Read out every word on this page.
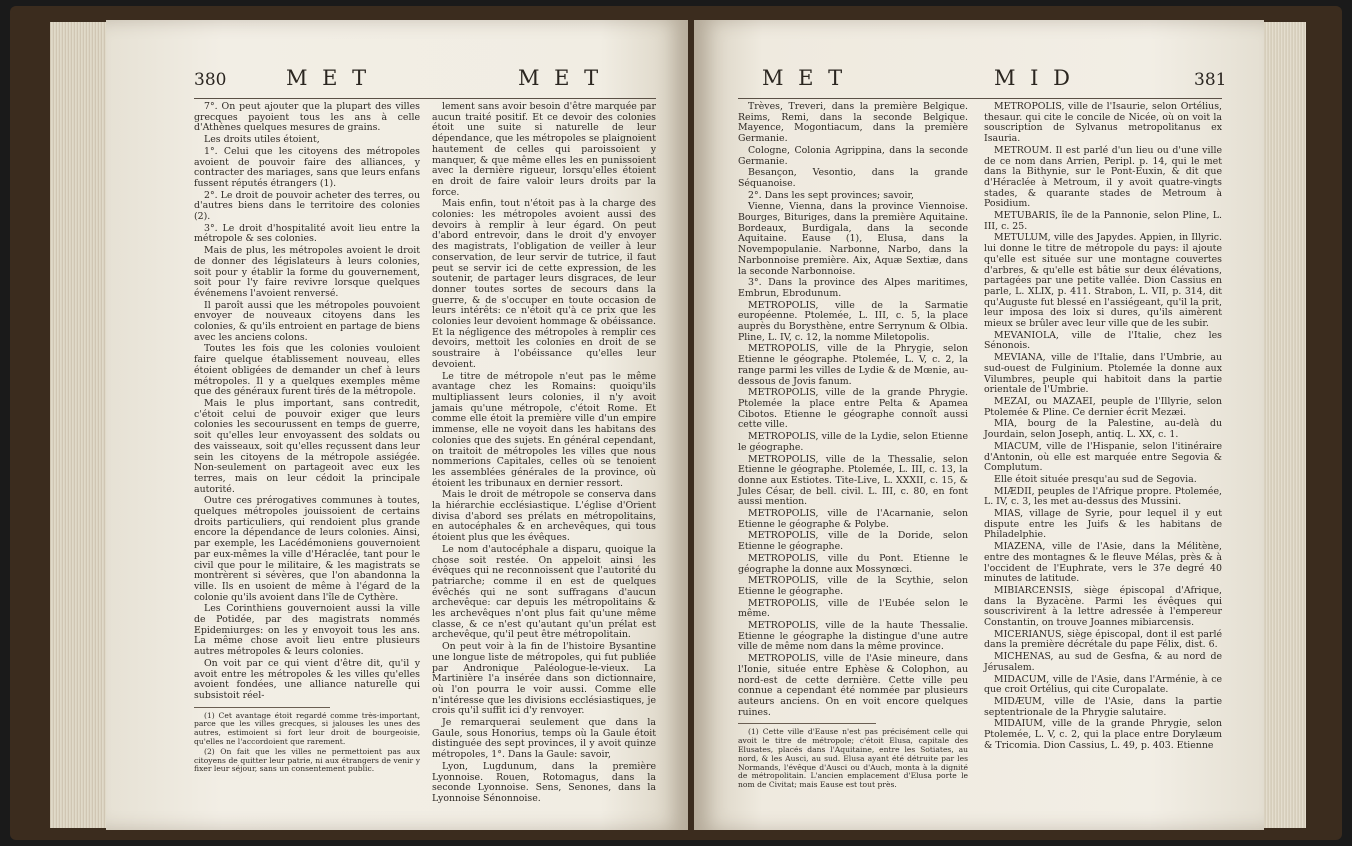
380	M E T	M E T

7°. On peut ajouter que la plupart des villes grecques payoient tous les ans à celle d'Athènes quelques mesures de grains.

Les droits utiles étoient,

1°. Celui que les citoyens des métropoles avoient de pouvoir faire des alliances, y contracter des mariages, sans que leurs enfans fussent réputés étrangers (1).

2°. Le droit de pouvoir acheter des terres, ou d'autres biens dans le territoire des colonies (2).

3°. Le droit d'hospitalité avoit lieu entre la métropole & ses colonies.

Mais de plus, les métropoles avoient le droit de donner des législateurs à leurs colonies, soit pour y établir la forme du gouvernement, soit pour l'y faire revivre lorsque quelques événemens l'avoient renversé.

Il paroît aussi que les métropoles pouvoient envoyer de nouveaux citoyens dans les colonies, & qu'ils entroient en partage de biens avec les anciens colons.

Toutes les fois que les colonies vouloient faire quelque établissement nouveau, elles étoient obligées de demander un chef à leurs métropoles. Il y a quelques exemples même que des généraux furent tirés de la métropole.

Mais le plus important, sans contredit, c'étoit celui de pouvoir exiger que leurs colonies les secourussent en temps de guerre, soit qu'elles leur envoyassent des soldats ou des vaisseaux, soit qu'elles reçussent dans leur sein les citoyens de la métropole assiégée. Non-seulement on partageoit avec eux les terres, mais on leur cédoit la principale autorité.

Outre ces prérogatives communes à toutes, quelques métropoles jouissoient de certains droits particuliers, qui rendoient plus grande encore la dépendance de leurs colonies. Ainsi, par exemple, les Lacédémoniens gouvernoient par eux-mêmes la ville d'Héraclée, tant pour le civil que pour le militaire, & les magistrats se montrèrent si sévères, que l'on abandonna la ville. Ils en usoient de même à l'égard de la colonie qu'ils avoient dans l'île de Cythère.

Les Corinthiens gouvernoient aussi la ville de Potidée, par des magistrats nommés Epidemiurges: on les y envoyoit tous les ans. La même chose avoit lieu entre plusieurs autres métropoles & leurs colonies.

On voit par ce qui vient d'être dit, qu'il y avoit entre les métropoles & les villes qu'elles avoient fondées, une alliance naturelle qui subsistoit réel-

(1) Cet avantage étoit regardé comme très-important, parce que les villes grecques, si jalouses les unes des autres, estimoient si fort leur droit de bourgeoisie, qu'elles ne l'accordoient que rarement.

(2) On fait que les villes ne permettoient pas aux citoyens de quitter leur patrie, ni aux étrangers de venir y fixer leur séjour, sans un consentement public.

lement sans avoir besoin d'être marquée par aucun traité positif. Et ce devoir des colonies étoit une suite si naturelle de leur dépendance, que les métropoles se plaignoient hautement de celles qui paroissoient y manquer, & que même elles les en punissoient avec la dernière rigueur, lorsqu'elles étoient en droit de faire valoir leurs droits par la force.

Mais enfin, tout n'étoit pas à la charge des colonies: les métropoles avoient aussi des devoirs à remplir à leur égard. On peut d'abord entrevoir, dans le droit d'y envoyer des magistrats, l'obligation de veiller à leur conservation, de leur servir de tutrice, il faut peut se servir ici de cette expression, de les soutenir, de partager leurs disgraces, de leur donner toutes sortes de secours dans la guerre, & de s'occuper en toute occasion de leurs intérêts: ce n'étoit qu'à ce prix que les colonies leur devoient hommage & obéissance. Et la négligence des métropoles à remplir ces devoirs, mettoit les colonies en droit de se soustraire à l'obéissance qu'elles leur devoient.

Le titre de métropole n'eut pas le même avantage chez les Romains: quoiqu'ils multipliassent leurs colonies, il n'y avoit jamais qu'une métropole, c'étoit Rome. Et comme elle étoit la première ville d'un empire immense, elle ne voyoit dans les habitans des colonies que des sujets. En général cependant, on traitoit de métropoles les villes que nous nommerions Capitales, celles où se tenoient les assemblées générales de la province, où étoient les tribunaux en dernier ressort.

Mais le droit de métropole se conserva dans la hiérarchie ecclésiastique. L'église d'Orient divisa d'abord ses prélats en métropolitains, en autocéphales & en archevêques, qui tous étoient plus que les évêques.

Le nom d'autocéphale a disparu, quoique la chose soit restée. On appeloit ainsi les évêques qui ne reconnoissent que l'autorité du patriarche; comme il en est de quelques évêchés qui ne sont suffragans d'aucun archevêque: car depuis les métropolitains & les archevêques n'ont plus fait qu'une même classe, & ce n'est qu'autant qu'un prélat est archevêque, qu'il peut être métropolitain.

On peut voir à la fin de l'histoire Bysantine une longue liste de métropoles, qui fut publiée par Andronique Paléologue-le-vieux. La Martinière l'a insérée dans son dictionnaire, où l'on pourra le voir aussi. Comme elle n'intéresse que les divisions ecclésiastiques, je crois qu'il suffit ici d'y renvoyer.

Je remarquerai seulement que dans la Gaule, sous Honorius, temps où la Gaule étoit distinguée des sept provinces, il y avoit quinze métropoles, 1°. Dans la Gaule: savoir,

Lyon, Lugdunum, dans la première Lyonnoise. Rouen, Rotomagus, dans la seconde Lyonnoise. Sens, Senones, dans la Lyonnoise Sénonnoise.

M E T	M I D	381

Trèves, Treveri, dans la première Belgique. Reims, Remi, dans la seconde Belgique. Mayence, Mogontiacum, dans la première Germanie.

Cologne, Colonia Agrippina, dans la seconde Germanie.

Besançon, Vesontio, dans la grande Séquanoise.

2°. Dans les sept provinces; savoir,

Vienne, Vienna, dans la province Viennoise. Bourges, Bituriges, dans la première Aquitaine. Bordeaux, Burdigala, dans la seconde Aquitaine. Eause (1), Elusa, dans la Novempopulanie. Narbonne, Narbo, dans la Narbonnoise première. Aix, Aquæ Sextiæ, dans la seconde Narbonnoise.

3°. Dans la province des Alpes maritimes, Embrun, Ebrodunum.

METROPOLIS, ville de la Sarmatie européenne. Ptolemée, L. III, c. 5, la place auprès du Borysthène, entre Serrynum & Olbia. Pline, L. IV, c. 12, la nomme Miletopolis.

METROPOLIS, ville de la Phrygie, selon Etienne le géographe. Ptolemée, L. V, c. 2, la range parmi les villes de Lydie & de Mœnie, au-dessous de Jovis fanum.

METROPOLIS, ville de la grande Phrygie. Ptolemée la place entre Pelta & Apamea Cibotos. Etienne le géographe connoît aussi cette ville.

METROPOLIS, ville de la Lydie, selon Etienne le géographe.

METROPOLIS, ville de la Thessalie, selon Etienne le géographe. Ptolemée, L. III, c. 13, la donne aux Estiotes. Tite-Live, L. XXXII, c. 15, & Jules César, de bell. civil. L. III, c. 80, en font aussi mention.

METROPOLIS, ville de l'Acarnanie, selon Etienne le géographe & Polybe.

METROPOLIS, ville de la Doride, selon Etienne le géographe.

METROPOLIS, ville du Pont. Etienne le géographe la donne aux Mossynœci.

METROPOLIS, ville de la Scythie, selon Etienne le géographe.

METROPOLIS, ville de l'Eubée selon le même.

METROPOLIS, ville de la haute Thessalie. Etienne le géographe la distingue d'une autre ville de même nom dans la même province.

METROPOLIS, ville de l'Asie mineure, dans l'Ionie, située entre Ephèse & Colophon, au nord-est de cette dernière. Cette ville peu connue a cependant été nommée par plusieurs auteurs anciens. On en voit encore quelques ruines.

(1) Cette ville d'Eause n'est pas précisément celle qui avoit le titre de métropole; c'étoit Elusa, capitale des Elusates, placés dans l'Aquitaine, entre les Sotiates, au nord, & les Ausci, au sud. Elusa ayant été détruite par les Normands, l'évêque d'Ausci ou d'Auch, monta à la dignité de métropolitain. L'ancien emplacement d'Elusa porte le nom de Civitat; mais Eause est tout près.

METROPOLIS, ville de l'Isaurie, selon Ortélius, thesaur. qui cite le concile de Nicée, où on voit la souscription de Sylvanus metropolitanus ex Isauria.

METROUM. Il est parlé d'un lieu ou d'une ville de ce nom dans Arrien, Peripl. p. 14, qui le met dans la Bithynie, sur le Pont-Euxin, & dit que d'Héraclée à Metroum, il y avoit quatre-vingts stades, & quarante stades de Metroum à Posidium.

METUBARIS, île de la Pannonie, selon Pline, L. III, c. 25.

METULUM, ville des Japydes. Appien, in Illyric. lui donne le titre de métropole du pays: il ajoute qu'elle est située sur une montagne couvertes d'arbres, & qu'elle est bâtie sur deux élévations, partagées par une petite vallée. Dion Cassius en parle, L. XLIX, p. 411. Strabon, L. VII, p. 314, dit qu'Auguste fut blessé en l'assiégeant, qu'il la prit, leur imposa des loix si dures, qu'ils aimèrent mieux se brûler avec leur ville que de les subir.

MEVANIOLA, ville de l'Italie, chez les Sénonois.

MEVIANA, ville de l'Italie, dans l'Umbrie, au sud-ouest de Fulginium. Ptolemée la donne aux Vilumbres, peuple qui habitoit dans la partie orientale de l'Umbrie.

MEZAI, ou MAZAEI, peuple de l'Illyrie, selon Ptolemée & Pline. Ce dernier écrit Mezæi.

MIA, bourg de la Palestine, au-delà du Jourdain, selon Joseph, antiq. L. XX, c. 1.

MIACUM, ville de l'Hispanie, selon l'itinéraire d'Antonin, où elle est marquée entre Segovia & Complutum.

Elle étoit située presqu'au sud de Segovia.

MIÆDII, peuples de l'Afrique propre. Ptolemée, L. IV, c. 3, les met au-dessus des Mussini.

MIAS, village de Syrie, pour lequel il y eut dispute entre les Juifs & les habitans de Philadelphie.

MIAZENA, ville de l'Asie, dans la Mélitène, entre des montagnes & le fleuve Mélas, près & à l'occident de l'Euphrate, vers le 37e degré 40 minutes de latitude.

MIBIARCENSIS, siège épiscopal d'Afrique, dans la Byzacène. Parmi les évêques qui souscrivirent à la lettre adressée à l'empereur Constantin, on trouve Joannes mibiarcensis.

MICERIANUS, siège épiscopal, dont il est parlé dans la première décrétale du pape Félix, dist. 6.

MICHENAS, au sud de Gesfna, & au nord de Jérusalem.

MIDACUM, ville de l'Asie, dans l'Arménie, à ce que croit Ortélius, qui cite Curopalate.

MIDÆUM, ville de l'Asie, dans la partie septentrionale de la Phrygie salutaire.

MIDAIUM, ville de la grande Phrygie, selon Ptolemée, L. V, c. 2, qui la place entre Dorylæum & Tricomia. Dion Cassius, L. 49, p. 403. Etienne
